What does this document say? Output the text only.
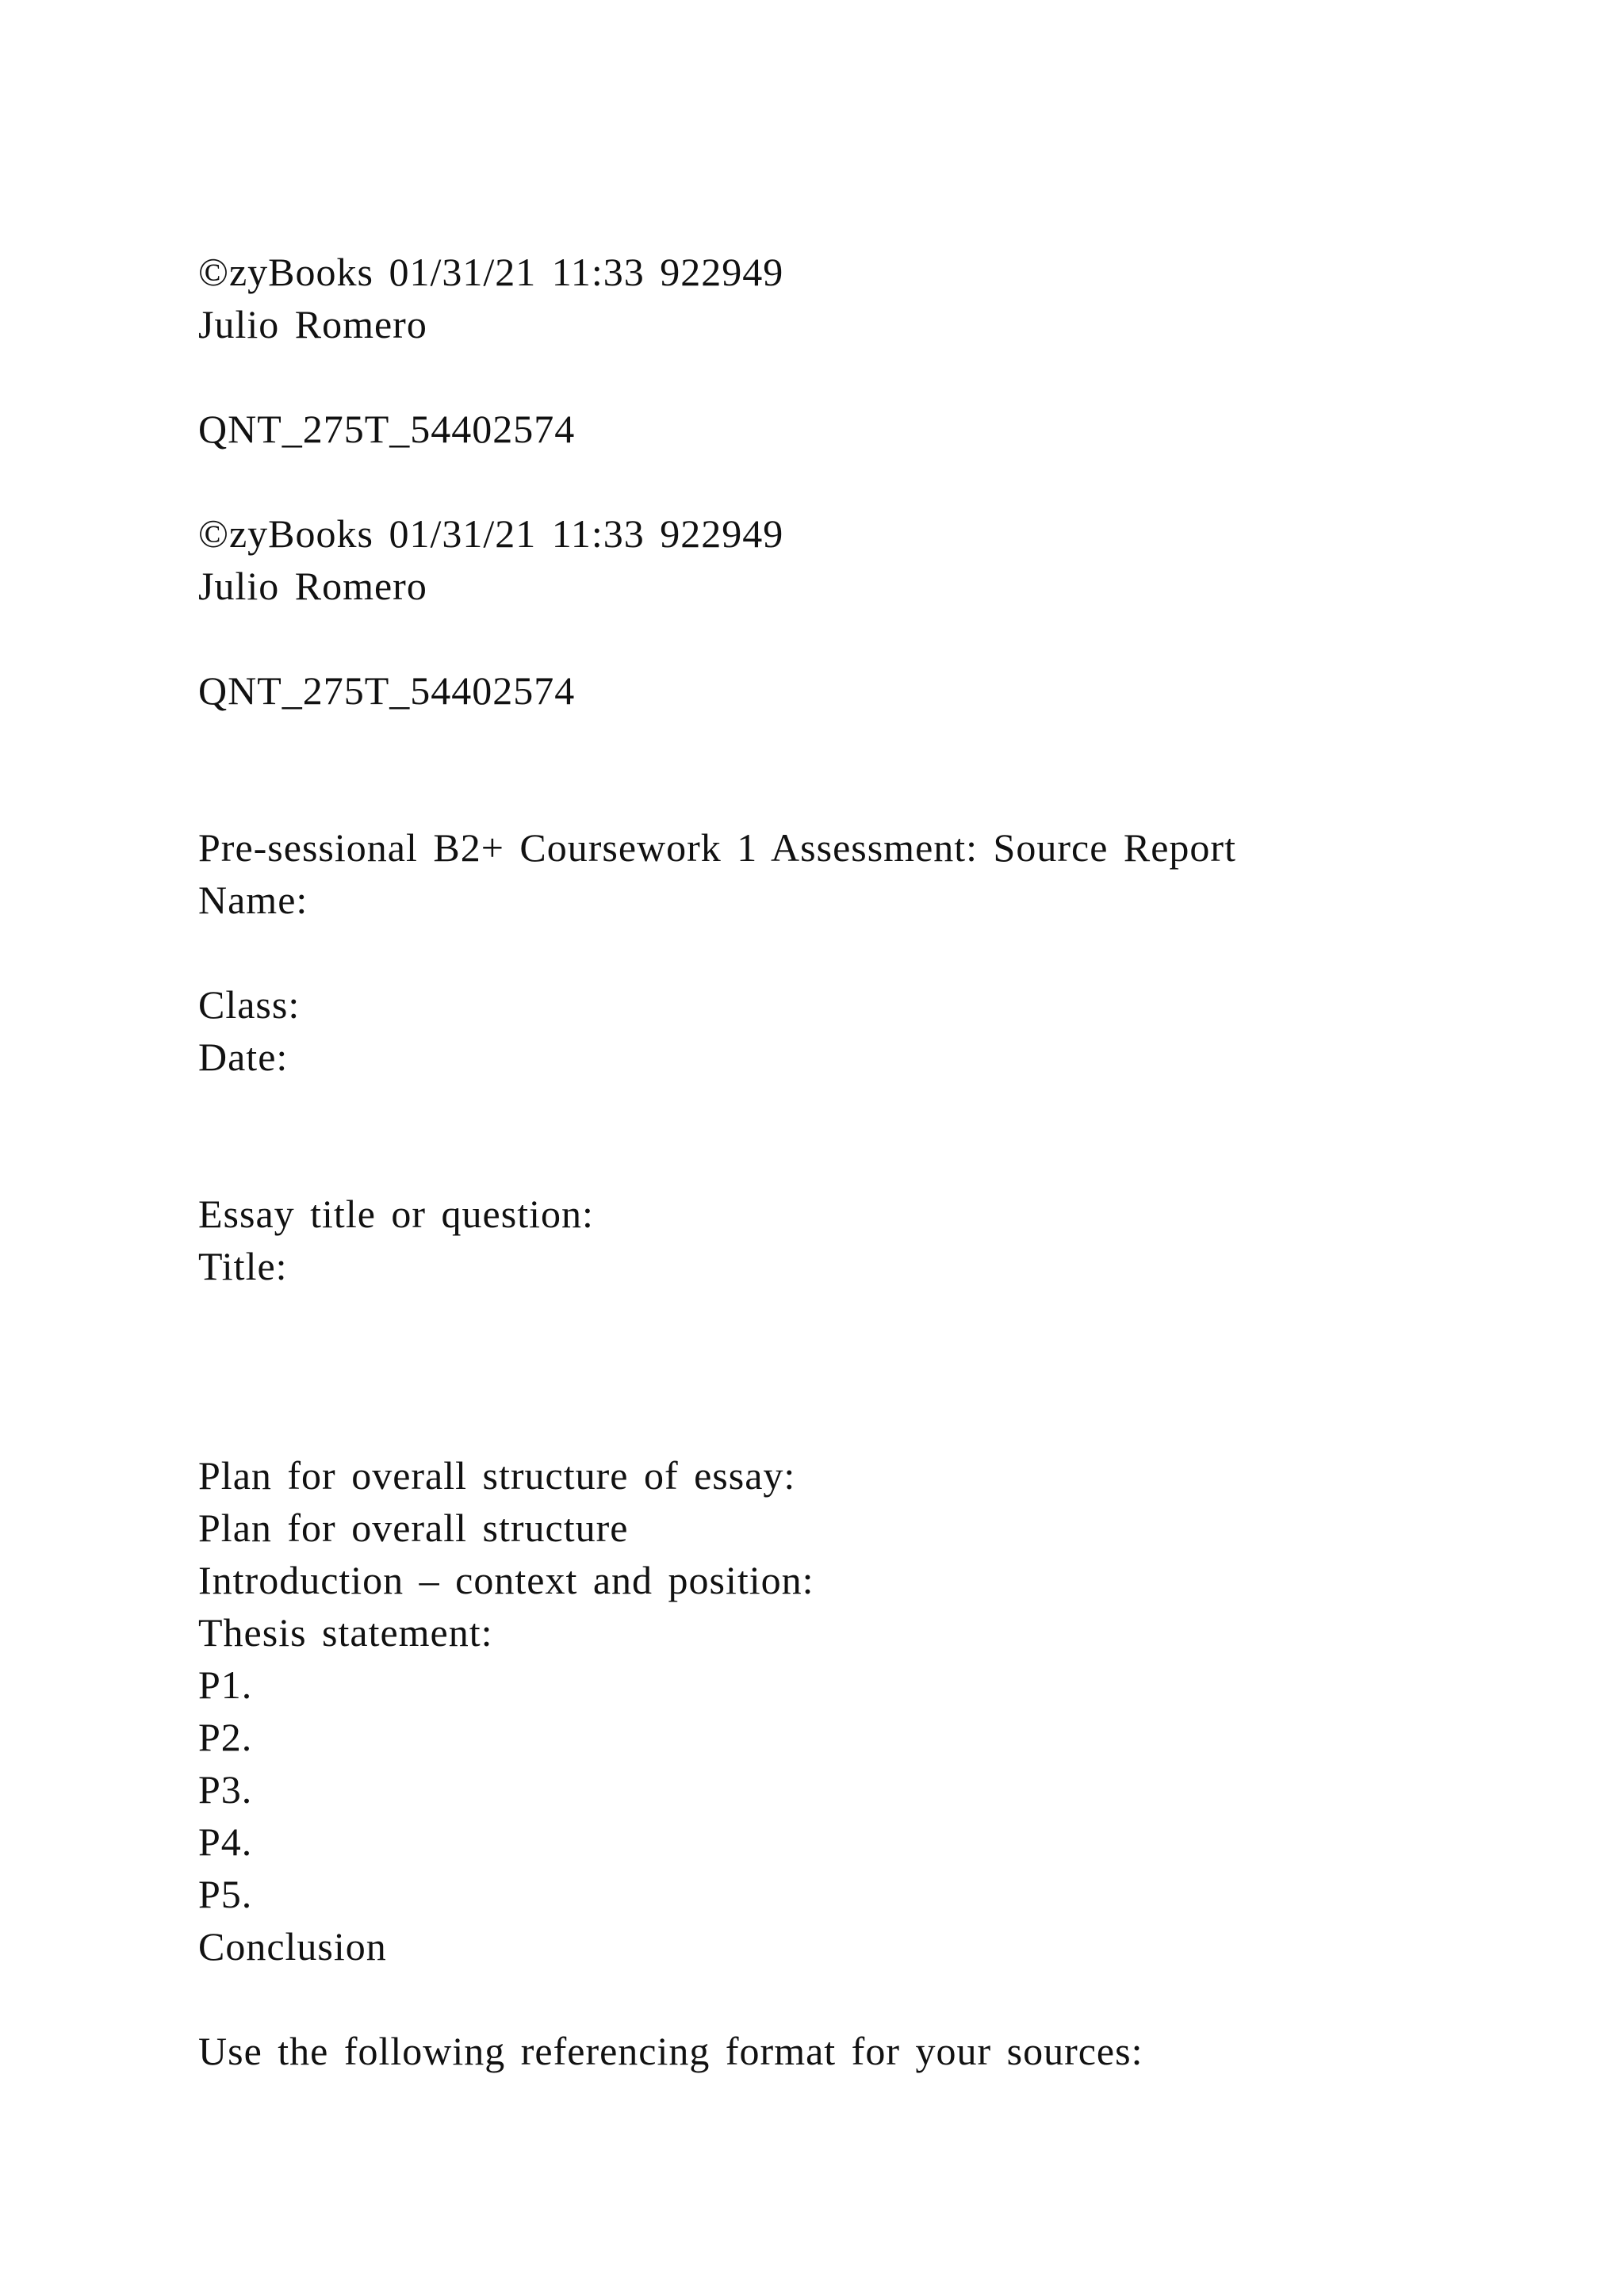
©zyBooks 01/31/21 11:33 922949
Julio Romero
QNT_275T_54402574
©zyBooks 01/31/21 11:33 922949
Julio Romero
QNT_275T_54402574
Pre-sessional B2+ Coursework 1 Assessment: Source Report
Name:
Class:
Date:
Essay title or question:
Title:
Plan for overall structure of essay:
Plan for overall structure
Introduction – context and position:
Thesis statement:
P1.
P2.
P3.
P4.
P5.
Conclusion
Use the following referencing format for your sources:
